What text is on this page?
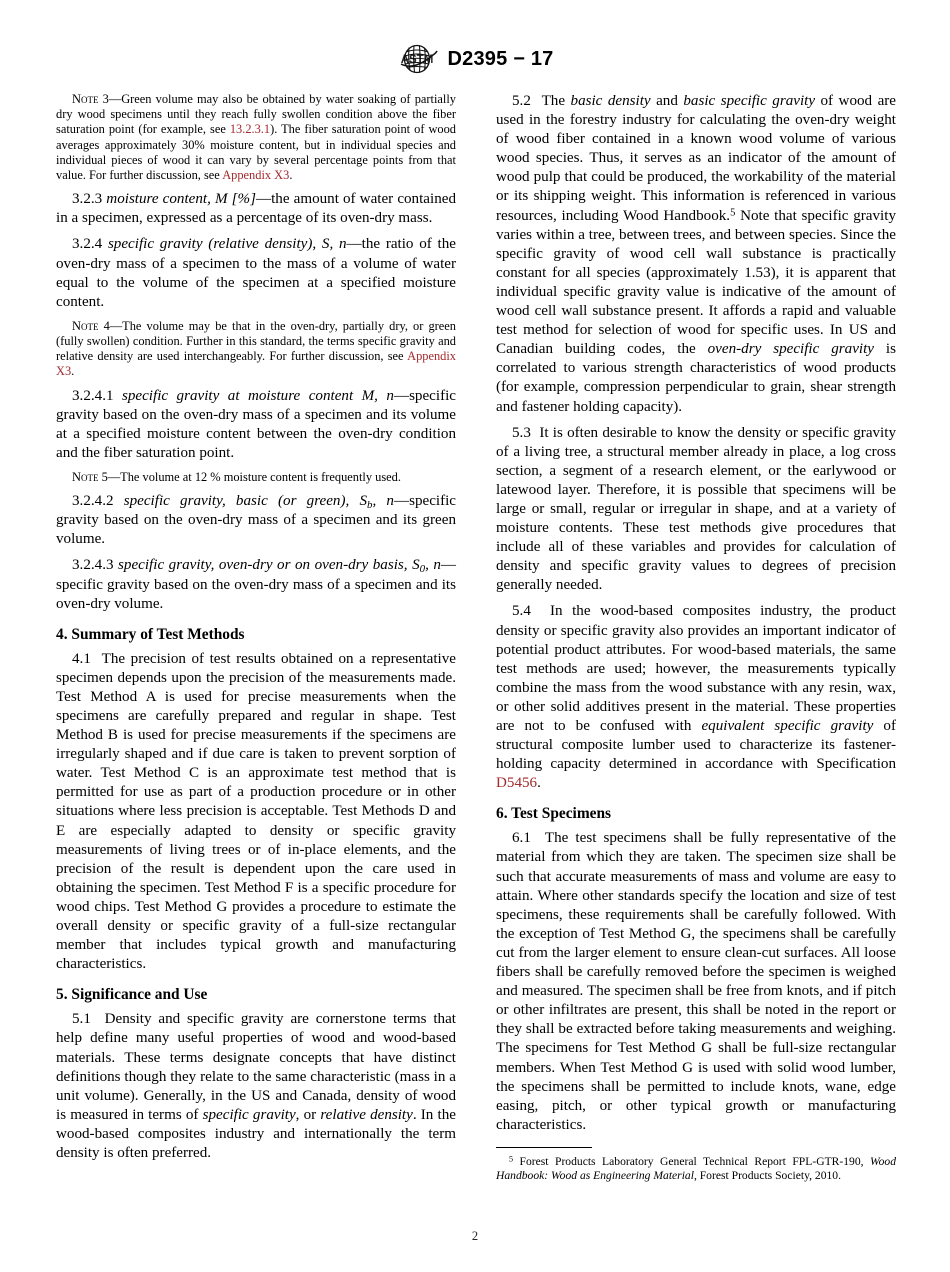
ASTM D2395 − 17

Note 3—Green volume may also be obtained by water soaking of partially dry wood specimens until they reach fully swollen condition above the fiber saturation point (for example, see 13.2.3.1). The fiber saturation point of wood averages approximately 30% moisture content, but in individual species and individual pieces of wood it can vary by several percentage points from that value. For further discussion, see Appendix X3.

3.2.3 moisture content, M [%]—the amount of water contained in a specimen, expressed as a percentage of its oven-dry mass.

3.2.4 specific gravity (relative density), S, n—the ratio of the oven-dry mass of a specimen to the mass of a volume of water equal to the volume of the specimen at a specified moisture content.

Note 4—The volume may be that in the oven-dry, partially dry, or green (fully swollen) condition. Further in this standard, the terms specific gravity and relative density are used interchangeably. For further discussion, see Appendix X3.

3.2.4.1 specific gravity at moisture content M, n—specific gravity based on the oven-dry mass of a specimen and its volume at a specified moisture content between the oven-dry condition and the fiber saturation point.

Note 5—The volume at 12 % moisture content is frequently used.

3.2.4.2 specific gravity, basic (or green), $S_b$, n—specific gravity based on the oven-dry mass of a specimen and its green volume.

3.2.4.3 specific gravity, oven-dry or on oven-dry basis, $S_0$, n—specific gravity based on the oven-dry mass of a specimen and its oven-dry volume.

4. Summary of Test Methods

4.1 The precision of test results obtained on a representative specimen depends upon the precision of the measurements made. Test Method A is used for precise measurements when the specimens are carefully prepared and regular in shape. Test Method B is used for precise measurements if the specimens are irregularly shaped and if due care is taken to prevent sorption of water. Test Method C is an approximate test method that is permitted for use as part of a production procedure or in other situations where less precision is acceptable. Test Methods D and E are especially adapted to density or specific gravity measurements of living trees or of in-place elements, and the precision of the result is dependent upon the care used in obtaining the specimen. Test Method F is a specific procedure for wood chips. Test Method G provides a procedure to estimate the overall density or specific gravity of a full-size rectangular member that includes typical growth and manufacturing characteristics.

5. Significance and Use

5.1 Density and specific gravity are cornerstone terms that help define many useful properties of wood and wood-based materials. These terms designate concepts that have distinct definitions though they relate to the same characteristic (mass in a unit volume). Generally, in the US and Canada, density of wood is measured in terms of specific gravity, or relative density. In the wood-based composites industry and internationally the term density is often preferred.

5.2 The basic density and basic specific gravity of wood are used in the forestry industry for calculating the oven-dry weight of wood fiber contained in a known wood volume of various wood species. Thus, it serves as an indicator of the amount of wood pulp that could be produced, the workability of the material or its shipping weight. This information is referenced in various resources, including Wood Handbook.$^5$ Note that specific gravity varies within a tree, between trees, and between species. Since the specific gravity of wood cell wall substance is practically constant for all species (approximately 1.53), it is apparent that individual specific gravity value is indicative of the amount of wood cell wall substance present. It affords a rapid and valuable test method for selection of wood for specific uses. In US and Canadian building codes, the oven-dry specific gravity is correlated to various strength characteristics of wood products (for example, compression perpendicular to grain, shear strength and fastener holding capacity).

5.3 It is often desirable to know the density or specific gravity of a living tree, a structural member already in place, a log cross section, a segment of a research element, or the earlywood or latewood layer. Therefore, it is possible that specimens will be large or small, regular or irregular in shape, and at a variety of moisture contents. These test methods give procedures that include all of these variables and provides for calculation of density and specific gravity values to degrees of precision generally needed.

5.4 In the wood-based composites industry, the product density or specific gravity also provides an important indicator of potential product attributes. For wood-based materials, the same test methods are used; however, the measurements typically combine the mass from the wood substance with any resin, wax, or other solid additives present in the material. These properties are not to be confused with equivalent specific gravity of structural composite lumber used to characterize its fastener-holding capacity determined in accordance with Specification D5456.

6. Test Specimens

6.1 The test specimens shall be fully representative of the material from which they are taken. The specimen size shall be such that accurate measurements of mass and volume are easy to attain. Where other standards specify the location and size of test specimens, these requirements shall be carefully followed. With the exception of Test Method G, the specimens shall be carefully cut from the larger element to ensure clean-cut surfaces. All loose fibers shall be carefully removed before the specimen is weighed and measured. The specimen shall be free from knots, and if pitch or other infiltrates are present, this shall be noted in the report or they shall be extracted before taking measurements and weighing. The specimens for Test Method G shall be full-size rectangular members. When Test Method G is used with solid wood lumber, the specimens shall be permitted to include knots, wane, edge easing, pitch, or other typical growth or manufacturing characteristics.

$^5$ Forest Products Laboratory General Technical Report FPL-GTR-190, Wood Handbook: Wood as Engineering Material, Forest Products Society, 2010.

2
